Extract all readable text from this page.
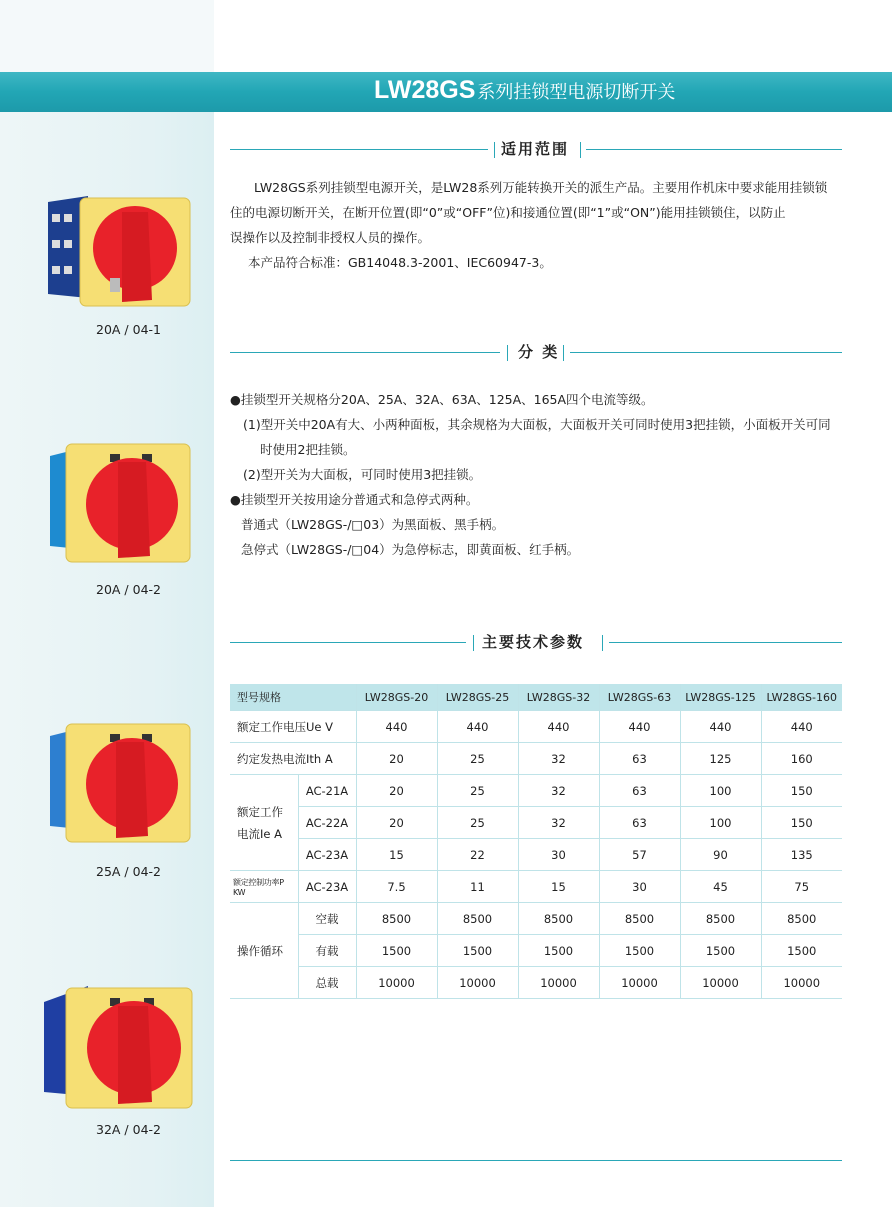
LW28GS 系列挂锁型电源切断开关
适用范围

LW28GS系列挂锁型电源开关，是LW28系列万能转换开关的派生产品。主要用作机床中要求能用挂锁锁

住的电源切断开关，在断开位置(即“0”或“OFF”位)和接通位置(即“1”或“ON”)能用挂锁锁住，以防止

误操作以及控制非授权人员的操作。

本产品符合标准：GB14048.3-2001、IEC60947-3。

分 类

●挂锁型开关规格分20A、25A、32A、63A、125A、165A四个电流等级。

(1)型开关中20A有大、小两种面板，其余规格为大面板，大面板开关可同时使用3把挂锁，小面板开关可同

时使用2把挂锁。

(2)型开关为大面板，可同时使用3把挂锁。

●挂锁型开关按用途分普通式和急停式两种。

普通式（LW28GS-/□03）为黑面板、黑手柄。

急停式（LW28GS-/□04）为急停标志，即黄面板、红手柄。

主要技术参数
型号规格		LW28GS-20	LW28GS-25	LW28GS-32	LW28GS-63	LW28GS-125	LW28GS-160
额定工作电压Ue V		440	440	440	440	440	440
约定发热电流Ith A		20	25	32	63	125	160
额定工作
电流Ie A	AC-21A	20	25	32	63	100	150
	AC-22A	20	25	32	63	100	150
	AC-23A	15	22	30	57	90	135
额定控制功率P KW	AC-23A	7.5	11	15	30	45	75
操作循环	空载	8500	8500	8500	8500	8500	8500
	有载	1500	1500	1500	1500	1500	1500
	总载	10000	10000	10000	10000	10000	10000
20A / 04-1
20A / 04-2
25A / 04-2
32A / 04-2
